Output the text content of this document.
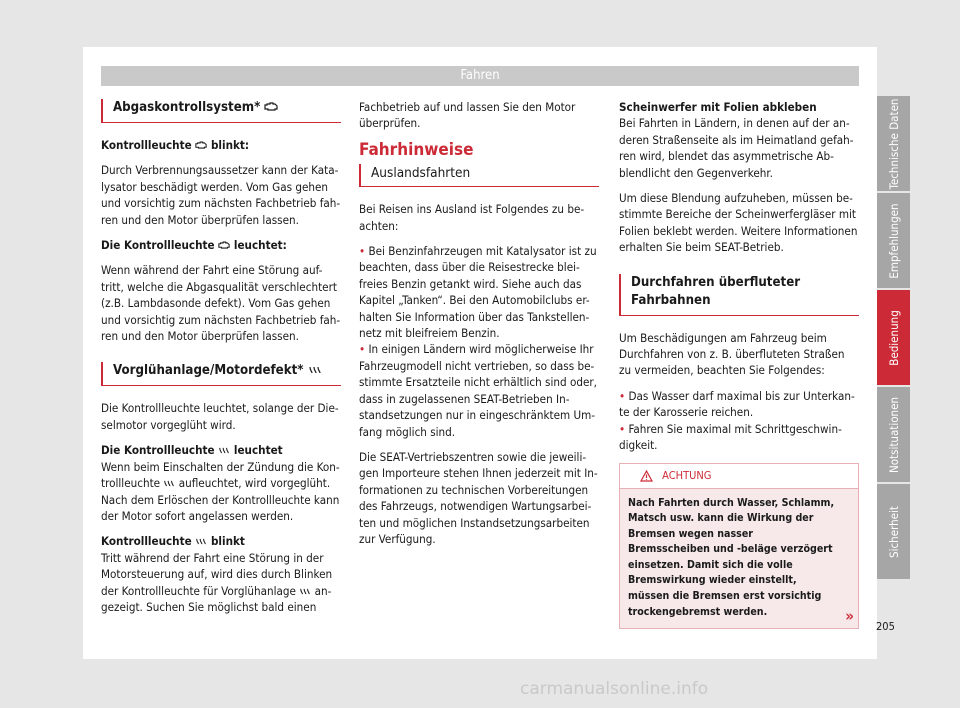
Fahren
Abgaskontrollsystem*

Kontrollleuchte blinkt:

Durch Verbrennungsaussetzer kann der Kata-lysator beschädigt werden. Vom Gas gehen und vorsichtig zum nächsten Fachbetrieb fah-ren und den Motor überprüfen lassen.

Die Kontrollleuchte leuchtet:

Wenn während der Fahrt eine Störung auf-tritt, welche die Abgasqualität verschlechtert (z.B. Lambdasonde defekt). Vom Gas gehen und vorsichtig zum nächsten Fachbetrieb fah-ren und den Motor überprüfen lassen.

Vorglühanlage/Motordefekt*

Die Kontrollleuchte leuchtet, solange der Die-selmotor vorgeglüht wird.

Die Kontrollleuchte leuchtet

Wenn beim Einschalten der Zündung die Kon-trollleuchte aufleuchtet, wird vorgeglüht. Nach dem Erlöschen der Kontrollleuchte kann der Motor sofort angelassen werden.

Kontrollleuchte blinkt

Tritt während der Fahrt eine Störung in der Motorsteuerung auf, wird dies durch Blinken der Kontrollleuchte für Vorglühanlage an-gezeigt. Suchen Sie möglichst bald einen

Fachbetrieb auf und lassen Sie den Motor überprüfen.

Fahrhinweise
Auslandsfahrten

Bei Reisen ins Ausland ist Folgendes zu be-achten:

• Bei Benzinfahrzeugen mit Katalysator ist zu beachten, dass über die Reisestrecke blei-freies Benzin getankt wird. Siehe auch das Kapitel „Tanken“. Bei den Automobilclubs er-halten Sie Information über das Tankstellen-netz mit bleifreiem Benzin.

• In einigen Ländern wird möglicherweise Ihr Fahrzeugmodell nicht vertrieben, so dass be-stimmte Ersatzteile nicht erhältlich sind oder, dass in zugelassenen SEAT-Betrieben In-standsetzungen nur in eingeschränktem Um-fang möglich sind.

Die SEAT-Vertriebszentren sowie die jeweili-gen Importeure stehen Ihnen jederzeit mit In-formationen zu technischen Vorbereitungen des Fahrzeugs, notwendigen Wartungsarbei-ten und möglichen Instandsetzungsarbeiten zur Verfügung.

Scheinwerfer mit Folien abkleben

Bei Fahrten in Ländern, in denen auf der an-deren Straßenseite als im Heimatland gefah-ren wird, blendet das asymmetrische Ab-blendlicht den Gegenverkehr.

Um diese Blendung aufzuheben, müssen be-stimmte Bereiche der Scheinwerfergläser mit Folien beklebt werden. Weitere Informationen erhalten Sie beim SEAT-Betrieb.

Durchfahren überfluteter Fahrbahnen

Um Beschädigungen am Fahrzeug beim Durchfahren von z. B. überfluteten Straßen zu vermeiden, beachten Sie Folgendes:

• Das Wasser darf maximal bis zur Unterkan-te der Karosserie reichen.

• Fahren Sie maximal mit Schrittgeschwin-digkeit.

ACHTUNG
Nach Fahrten durch Wasser, Schlamm, Matsch usw. kann die Wirkung der Bremsen wegen nasser Bremsscheiben und -beläge verzögert einsetzen. Damit sich die volle Bremswirkung wieder einstellt, müssen die Bremsen erst vorsichtig trockengebremst werden.	»
Technische Daten
Empfehlungen
Bedienung
Notsituationen
Sicherheit
205
carmanualsonline.info
